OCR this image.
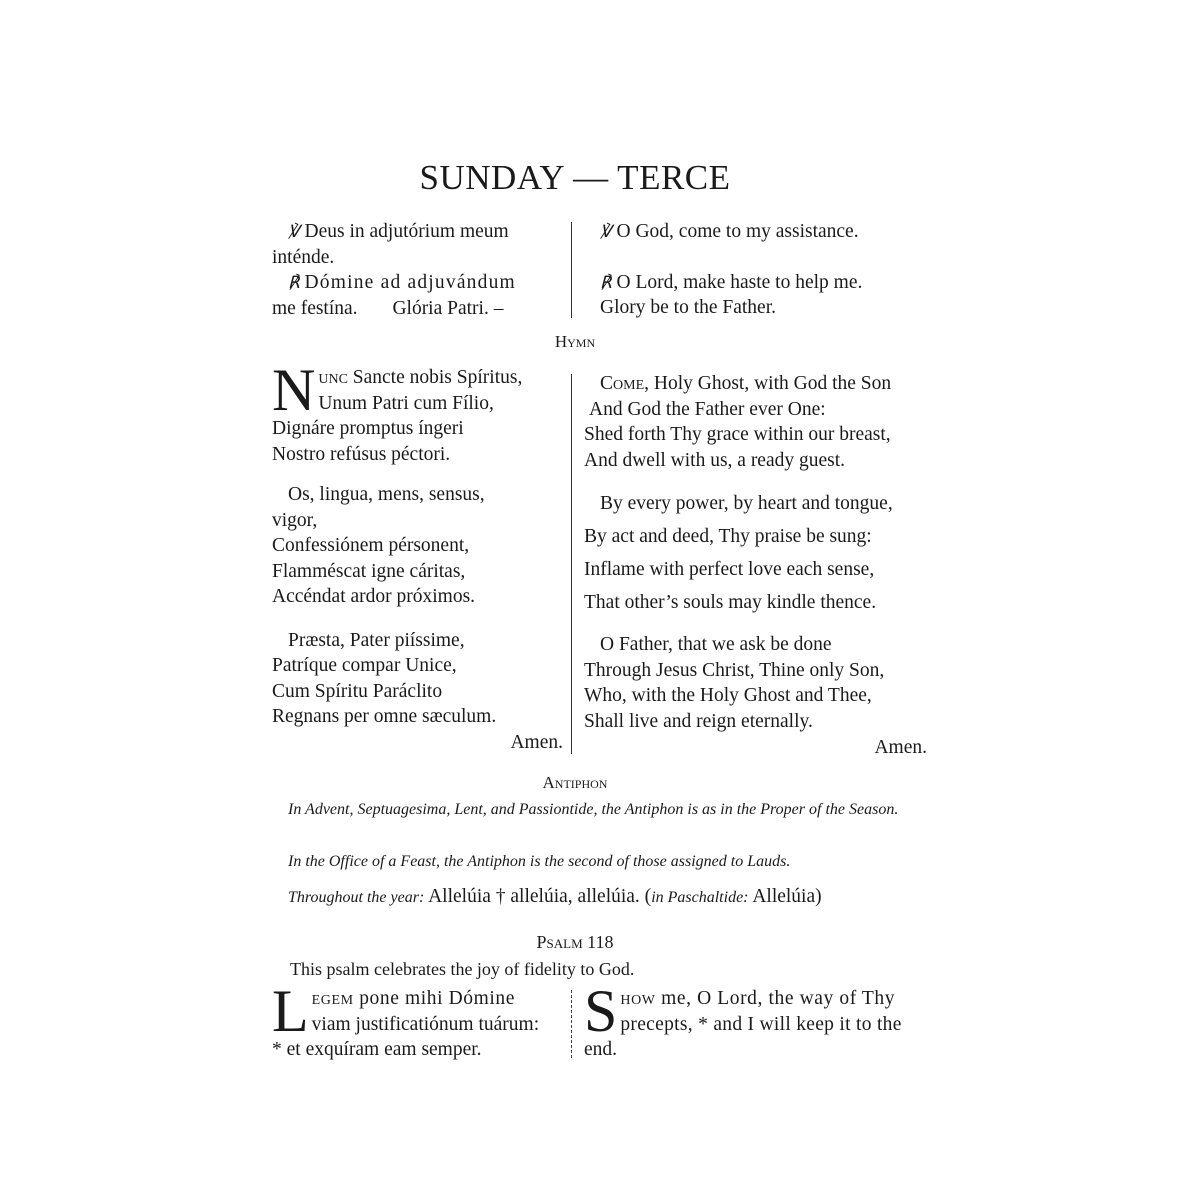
SUNDAY — TERCE
℣ Deus in adjutórium meum
inténde.
℟ Dómine ad adjuvándum
me festína. Glória Patri. –
℣ O God, come to my assistance.
℟ O Lord, make haste to help me.
Glory be to the Father.
Hymn
N unc Sancte nobis Spíritus,
Unum Patri cum Fílio,
Dignáre promptus íngeri
Nostro refúsus péctori.
Os, lingua, mens, sensus,
vigor,
Confessiónem pérsonent,
Flamméscat igne cáritas,
Accéndat ardor próximos.
Præsta, Pater piíssime,
Patríque compar Unice,
Cum Spíritu Paráclito
Regnans per omne sæculum.
Amen.
Come, Holy Ghost, with God the Son
And God the Father ever One:
Shed forth Thy grace within our breast,
And dwell with us, a ready guest.
By every power, by heart and tongue,
By act and deed, Thy praise be sung:
Inflame with perfect love each sense,
That other’s souls may kindle thence.
O Father, that we ask be done
Through Jesus Christ, Thine only Son,
Who, with the Holy Ghost and Thee,
Shall live and reign eternally.
Amen.
Antiphon
In Advent, Septuagesima, Lent, and Passiontide, the Antiphon is as in the Proper of the Season.
In the Office of a Feast, the Antiphon is the second of those assigned to Lauds.
Throughout the year: Allelúia † allelúia, allelúia. (in Paschaltide: Allelúia)
Psalm 118
This psalm celebrates the joy of fidelity to God.
L egem pone mihi Dómine
viam justificatiónum tuárum:
* et exquíram eam semper.
S how me, O Lord, the way of Thy
precepts, * and I will keep it to the
end.
